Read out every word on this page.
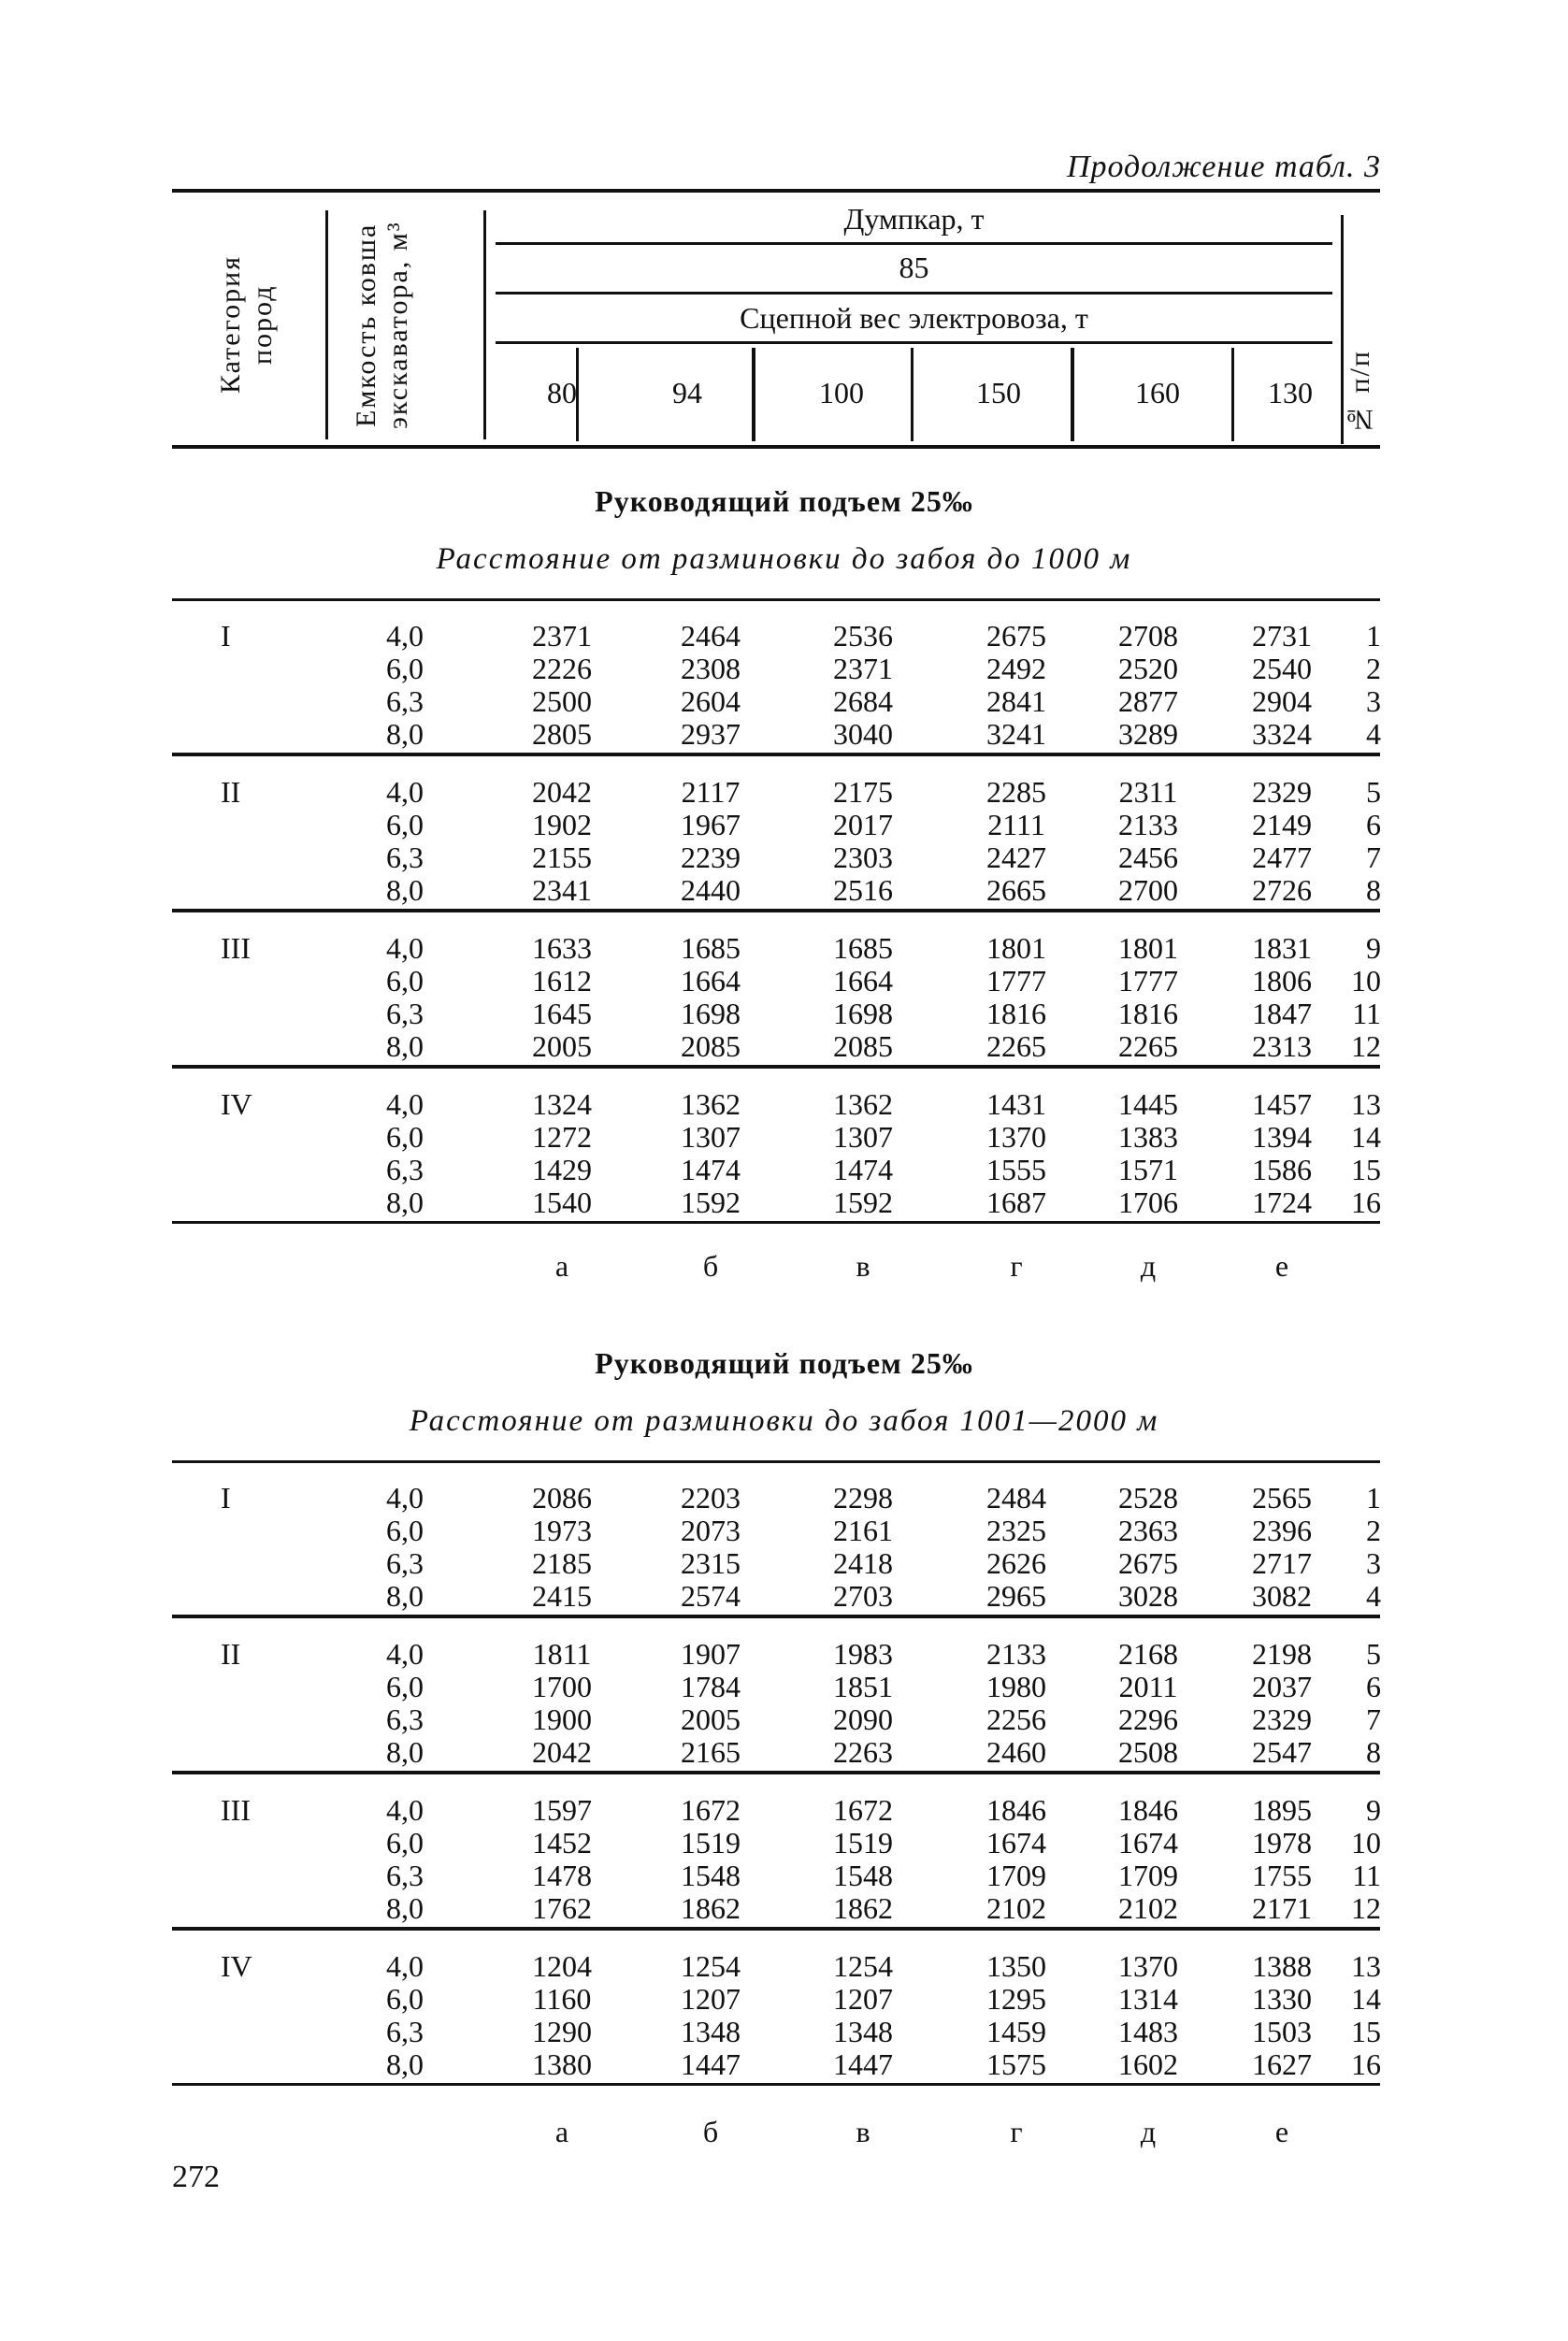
Продолжение табл. 3
Категория пород	Емкость ковша экскаватора, м³	№ п/п
Думпкар, т
85
Сцепной вес электровоза, т
80	94	100	150	160	130
Руководящий подъем 25‰
Расстояние от разминовки до забоя до 1000 м
I	4,0	2371	2464	2536	2675	2708	2731	1
6,0	2226	2308	2371	2492	2520	2540	2
6,3	2500	2604	2684	2841	2877	2904	3
8,0	2805	2937	3040	3241	3289	3324	4
II	4,0	2042	2117	2175	2285	2311	2329	5
6,0	1902	1967	2017	2111	2133	2149	6
6,3	2155	2239	2303	2427	2456	2477	7
8,0	2341	2440	2516	2665	2700	2726	8
III	4,0	1633	1685	1685	1801	1801	1831	9
6,0	1612	1664	1664	1777	1777	1806	10
6,3	1645	1698	1698	1816	1816	1847	11
8,0	2005	2085	2085	2265	2265	2313	12
IV	4,0	1324	1362	1362	1431	1445	1457	13
6,0	1272	1307	1307	1370	1383	1394	14
6,3	1429	1474	1474	1555	1571	1586	15
8,0	1540	1592	1592	1687	1706	1724	16
а	б	в	г	д	е
Руководящий подъем 25‰
Расстояние от разминовки до забоя 1001—2000 м
I	4,0	2086	2203	2298	2484	2528	2565	1
6,0	1973	2073	2161	2325	2363	2396	2
6,3	2185	2315	2418	2626	2675	2717	3
8,0	2415	2574	2703	2965	3028	3082	4
II	4,0	1811	1907	1983	2133	2168	2198	5
6,0	1700	1784	1851	1980	2011	2037	6
6,3	1900	2005	2090	2256	2296	2329	7
8,0	2042	2165	2263	2460	2508	2547	8
III	4,0	1597	1672	1672	1846	1846	1895	9
6,0	1452	1519	1519	1674	1674	1978	10
6,3	1478	1548	1548	1709	1709	1755	11
8,0	1762	1862	1862	2102	2102	2171	12
IV	4,0	1204	1254	1254	1350	1370	1388	13
6,0	1160	1207	1207	1295	1314	1330	14
6,3	1290	1348	1348	1459	1483	1503	15
8,0	1380	1447	1447	1575	1602	1627	16
а	б	в	г	д	е
272
